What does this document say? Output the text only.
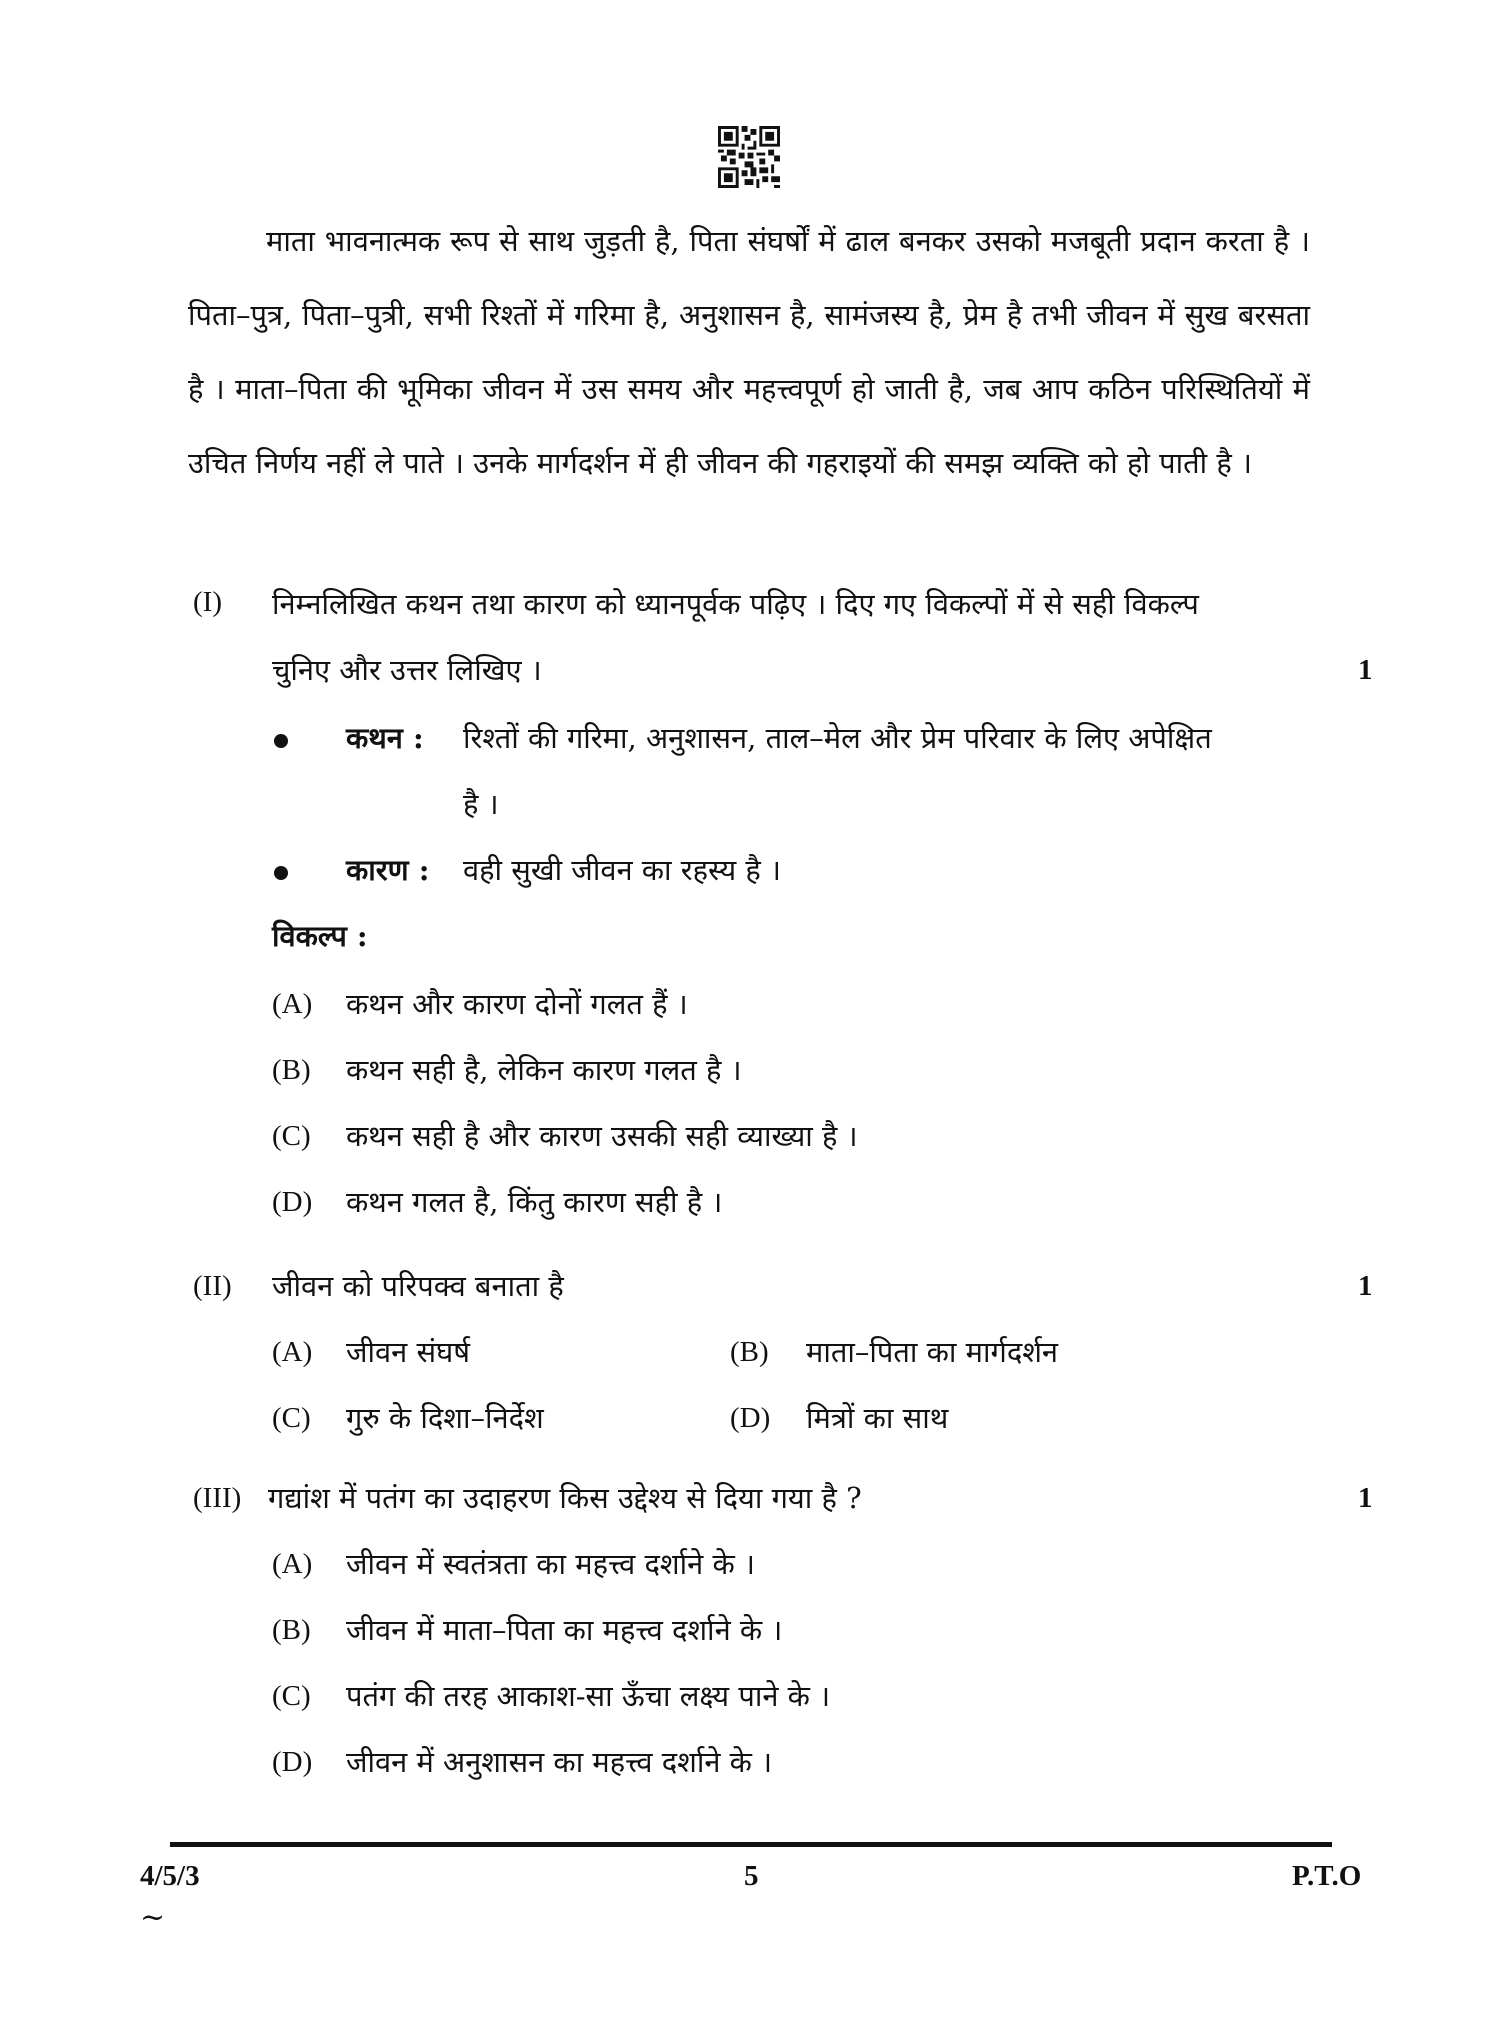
माता भावनात्मक रूप से साथ जुड़ती है, पिता संघर्षों में ढाल बनकर उसको मजबूती प्रदान करता है । पिता–पुत्र, पिता–पुत्री, सभी रिश्तों में गरिमा है, अनुशासन है, सामंजस्य है, प्रेम है तभी जीवन में सुख बरसता है । माता–पिता की भूमिका जीवन में उस समय और महत्त्वपूर्ण हो जाती है, जब आप कठिन परिस्थितियों में उचित निर्णय नहीं ले पाते । उनके मार्गदर्शन में ही जीवन की गहराइयों की समझ व्यक्ति को हो पाती है ।

(I) निम्नलिखित कथन तथा कारण को ध्यानपूर्वक पढ़िए । दिए गए विकल्पों में से सही विकल्प
चुनिए और उत्तर लिखिए ।	1
कथन : रिश्तों की गरिमा, अनुशासन, ताल–मेल और प्रेम परिवार के लिए अपेक्षित
है ।
कारण : वही सुखी जीवन का रहस्य है ।
विकल्प :
(A) कथन और कारण दोनों गलत हैं ।
(B) कथन सही है, लेकिन कारण गलत है ।
(C) कथन सही है और कारण उसकी सही व्याख्या है ।
(D) कथन गलत है, किंतु कारण सही है ।
(II) जीवन को परिपक्व बनाता है	1
(A) जीवन संघर्ष	(B) माता–पिता का मार्गदर्शन
(C) गुरु के दिशा–निर्देश	(D) मित्रों का साथ
(III) गद्यांश में पतंग का उदाहरण किस उद्देश्य से दिया गया है ?	1
(A) जीवन में स्वतंत्रता का महत्त्व दर्शाने के ।
(B) जीवन में माता–पिता का महत्त्व दर्शाने के ।
(C) पतंग की तरह आकाश-सा ऊँचा लक्ष्य पाने के ।
(D) जीवन में अनुशासन का महत्त्व दर्शाने के ।
4/5/3	5	P.T.O
~
